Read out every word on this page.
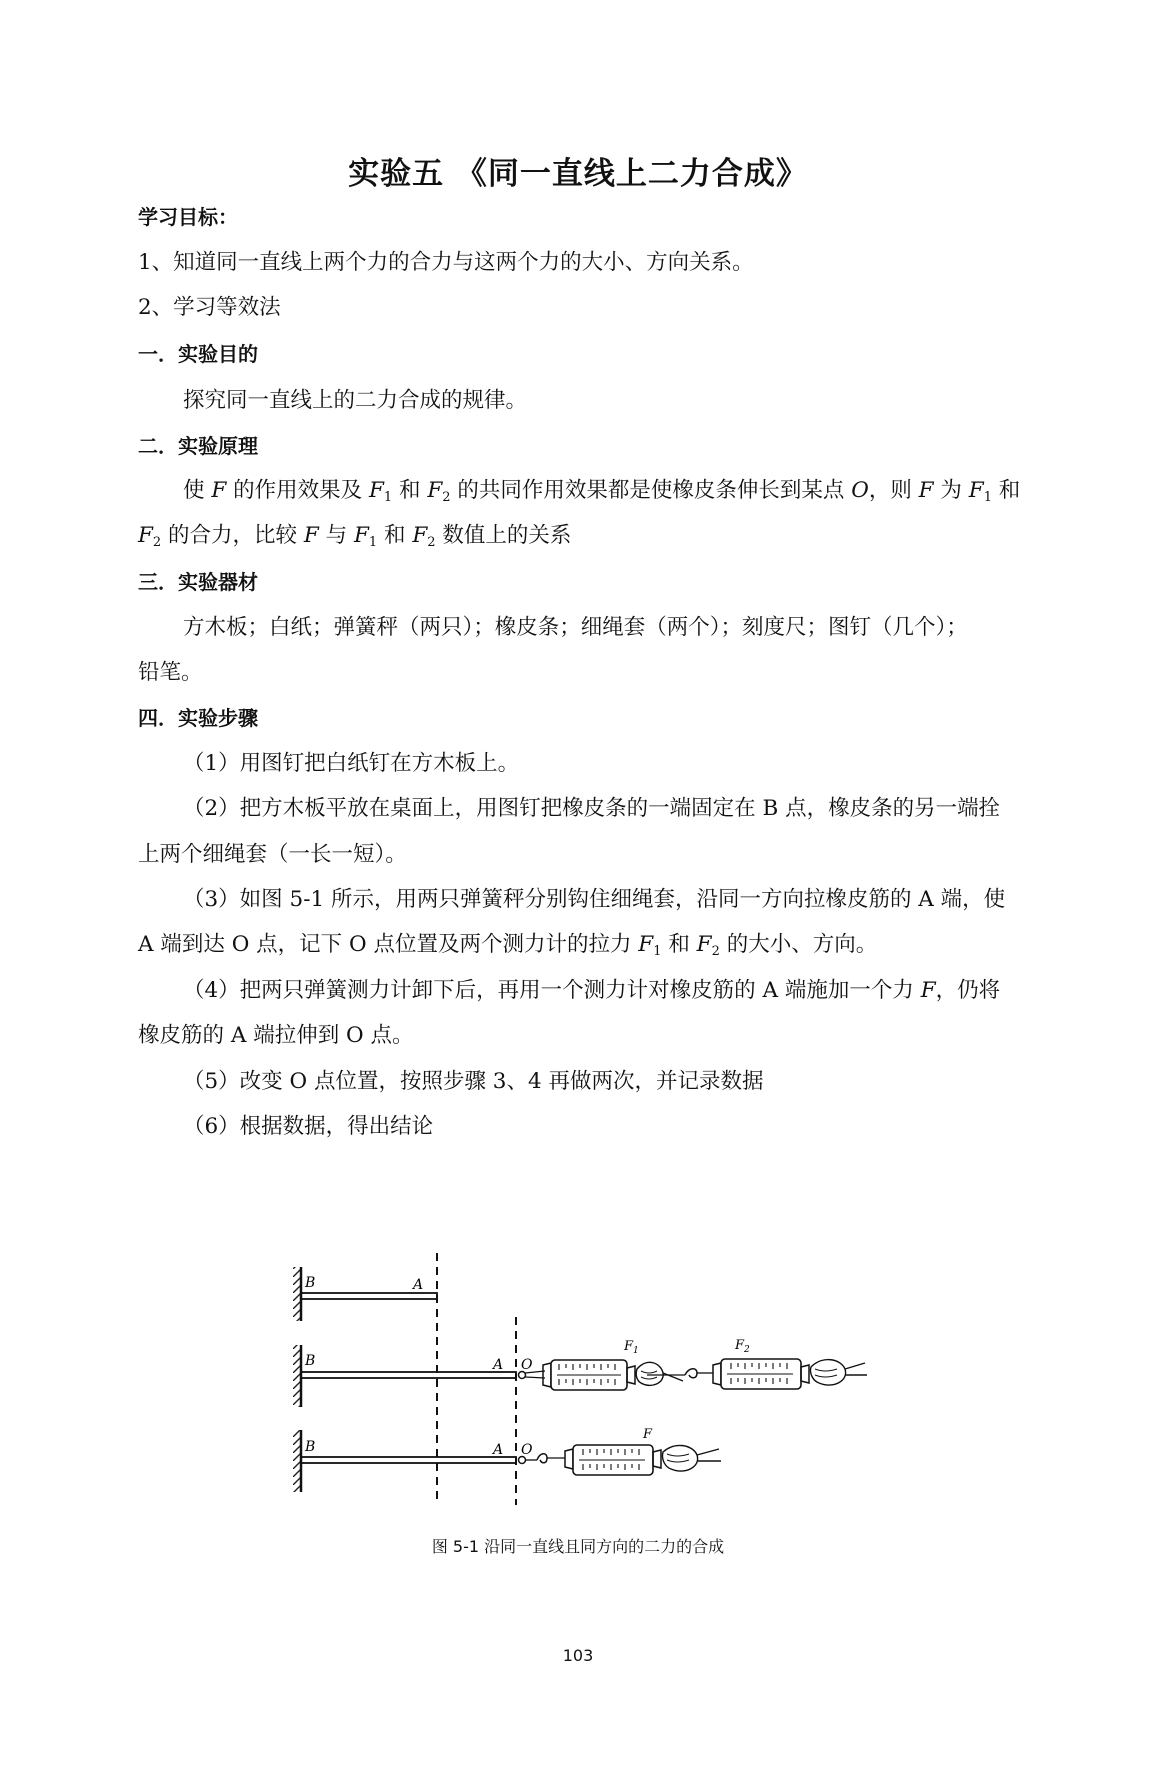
实验五 《同一直线上二力合成》
学习目标：
1、知道同一直线上两个力的合力与这两个力的大小、方向关系。
2、学习等效法
一．实验目的
探究同一直线上的二力合成的规律。
二．实验原理
使 F 的作用效果及 $F_1$ 和 $F_2$ 的共同作用效果都是使橡皮条伸长到某点 O，则 F 为 $F_1$ 和
$F_2$ 的合力，比较 F 与 $F_1$ 和 $F_2$ 数值上的关系
三．实验器材
方木板；白纸；弹簧秤（两只）；橡皮条；细绳套（两个）；刻度尺；图钉（几个）；
铅笔。
四．实验步骤
（1）用图钉把白纸钉在方木板上。
（2）把方木板平放在桌面上，用图钉把橡皮条的一端固定在 B 点，橡皮条的另一端拴
上两个细绳套（一长一短）。
（3）如图 5-1 所示，用两只弹簧秤分别钩住细绳套，沿同一方向拉橡皮筋的 A 端，使
A 端到达 O 点，记下 O 点位置及两个测力计的拉力 $F_1$ 和 $F_2$ 的大小、方向。
（4）把两只弹簧测力计卸下后，再用一个测力计对橡皮筋的 A 端施加一个力 F，仍将
橡皮筋的 A 端拉伸到 O 点。
（5）改变 O 点位置，按照步骤 3、4 再做两次，并记录数据
（6）根据数据，得出结论
B	A
B	A O
$F_1$	$F_2$
B	A O
F
图 5-1 沿同一直线且同方向的二力的合成
103
